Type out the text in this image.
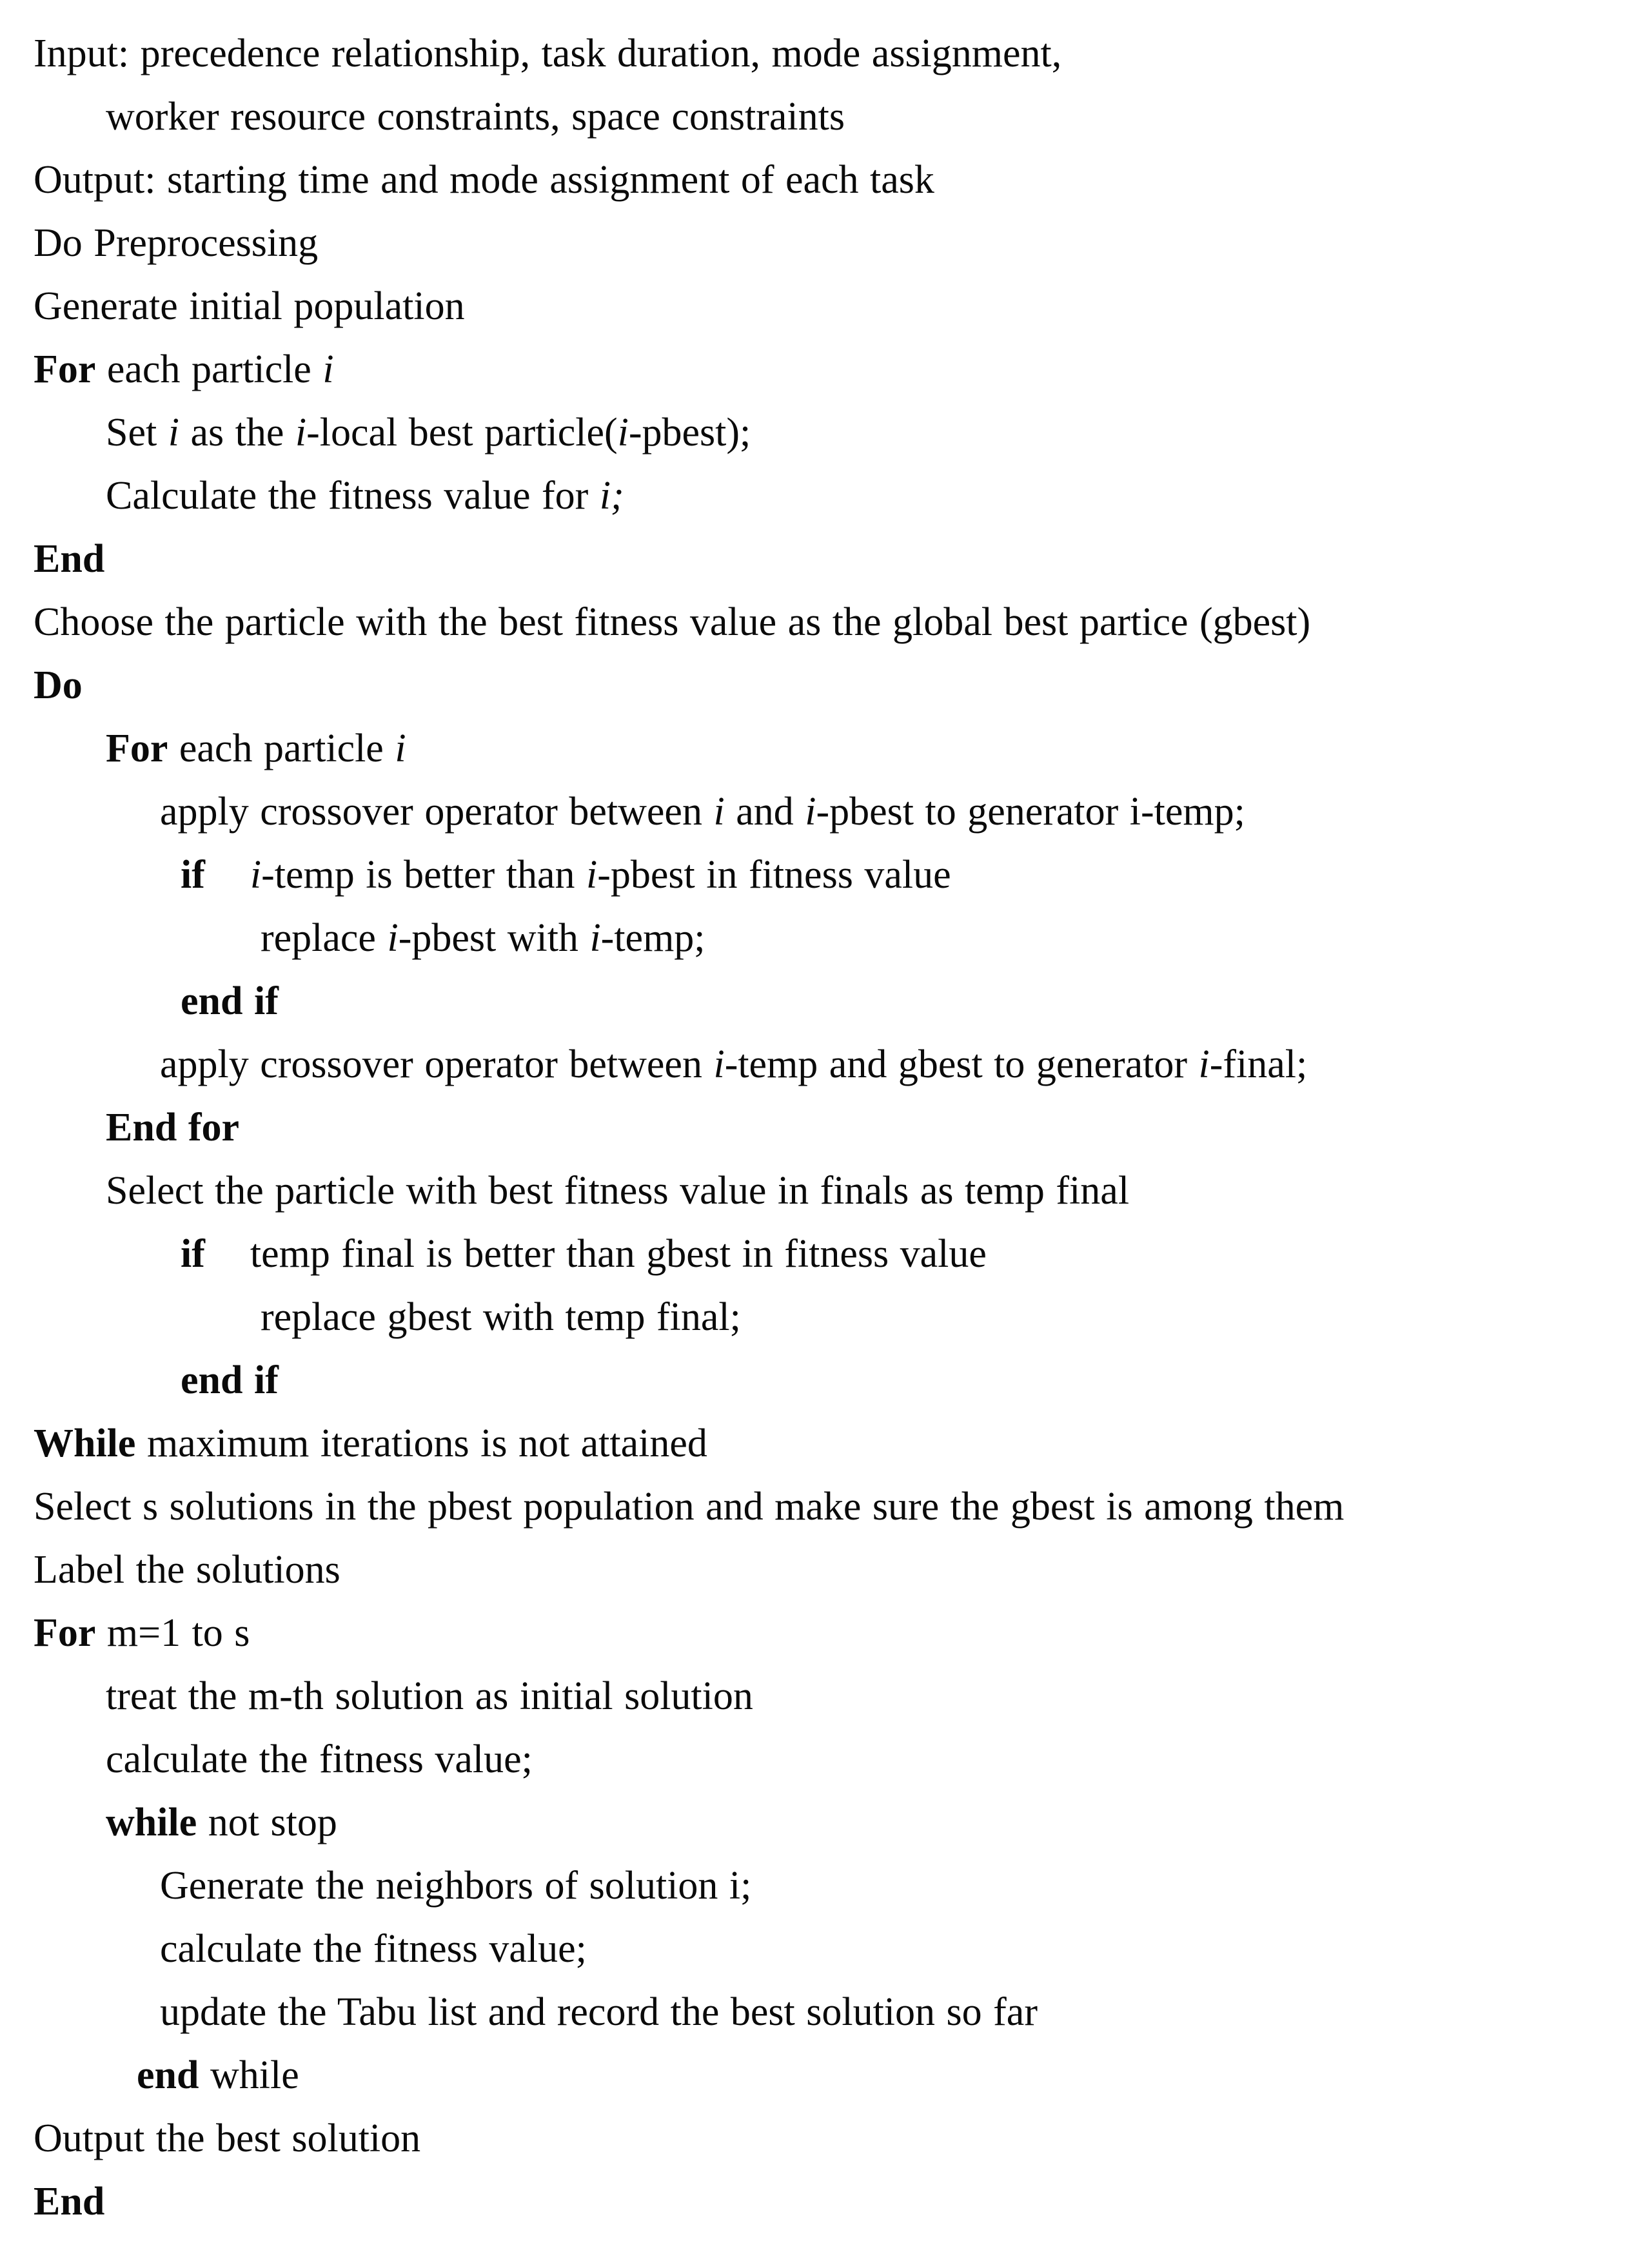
Input: precedence relationship, task duration, mode assignment,
worker resource constraints, space constraints
Output: starting time and mode assignment of each task
Do Preprocessing
Generate initial population
For each particle i
Set i as the i-local best particle(i-pbest);
Calculate the fitness value for i;
End
Choose the particle with the best fitness value as the global best partice (gbest)
Do
For each particle i
apply crossover operator between i and i-pbest to generator i-temp;
if i-temp is better than i-pbest in fitness value
replace i-pbest with i-temp;
end if
apply crossover operator between i-temp and gbest to generator i-final;
End for
Select the particle with best fitness value in finals as temp final
if    temp final is better than gbest in fitness value
replace gbest with temp final;
end if
While maximum iterations is not attained
Select s solutions in the pbest population and make sure the gbest is among them
Label the solutions
For m=1 to s
treat the m-th solution as initial solution
calculate the fitness value;
while not stop
Generate the neighbors of solution i;
calculate the fitness value;
update the Tabu list and record the best solution so far
end while
Output the best solution
End
